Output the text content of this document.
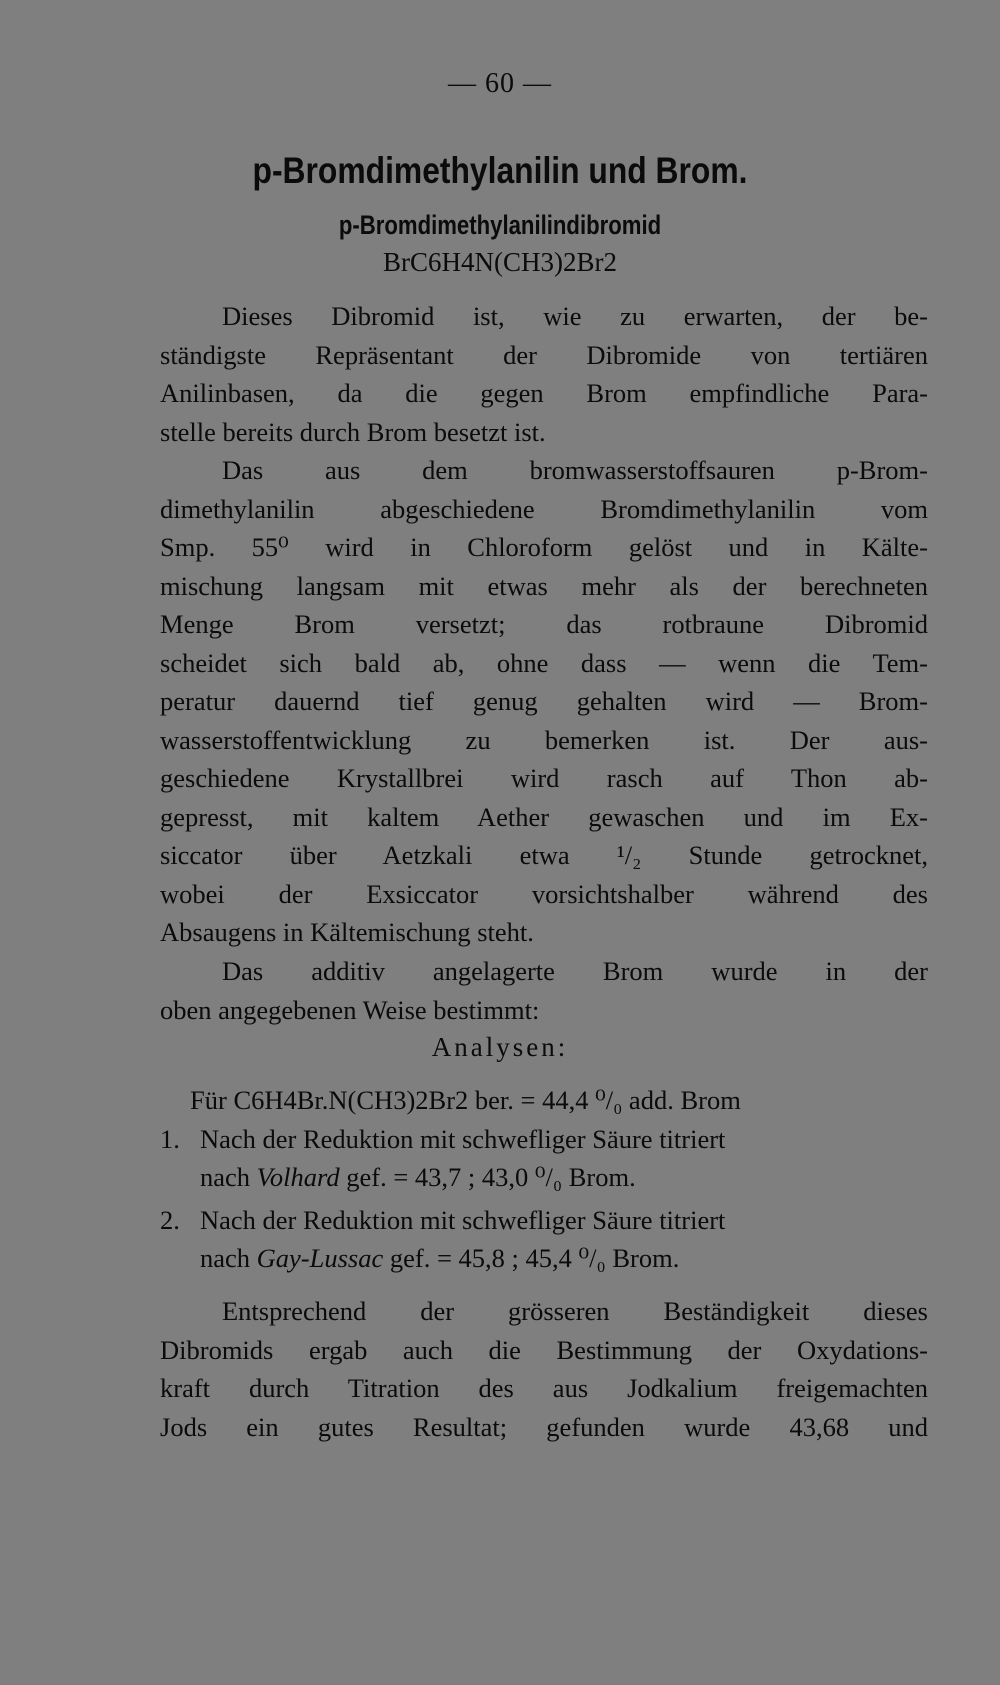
— 60 —
p-Bromdimethylanilin und Brom.
p-Bromdimethylanilindibromid
BrC6H4N(CH3)2Br2
Dieses Dibromid ist, wie zu erwarten, der be-
ständigste Repräsentant der Dibromide von tertiären
Anilinbasen, da die gegen Brom empfindliche Para-
stelle bereits durch Brom besetzt ist.
Das aus dem bromwasserstoffsauren p-Brom-
dimethylanilin abgeschiedene Bromdimethylanilin vom
Smp. 55⁰ wird in Chloroform gelöst und in Kälte-
mischung langsam mit etwas mehr als der berechneten
Menge Brom versetzt; das rotbraune Dibromid
scheidet sich bald ab, ohne dass — wenn die Tem-
peratur dauernd tief genug gehalten wird — Brom-
wasserstoffentwicklung zu bemerken ist. Der aus-
geschiedene Krystallbrei wird rasch auf Thon ab-
gepresst, mit kaltem Aether gewaschen und im Ex-
siccator über Aetzkali etwa ¹/₂ Stunde getrocknet,
wobei der Exsiccator vorsichtshalber während des
Absaugens in Kältemischung steht.
Das additiv angelagerte Brom wurde in der
oben angegebenen Weise bestimmt:
Analysen:
Für C6H4Br.N(CH3)2Br2 ber. = 44,4 ⁰/₀ add. Brom
1. Nach der Reduktion mit schwefliger Säure titriert
nach Volhard gef. = 43,7 ; 43,0 ⁰/₀ Brom.
2. Nach der Reduktion mit schwefliger Säure titriert
nach Gay-Lussac gef. = 45,8 ; 45,4 ⁰/₀ Brom.
Entsprechend der grösseren Beständigkeit dieses
Dibromids ergab auch die Bestimmung der Oxydations-
kraft durch Titration des aus Jodkalium freigemachten
Jods ein gutes Resultat; gefunden wurde 43,68 und
